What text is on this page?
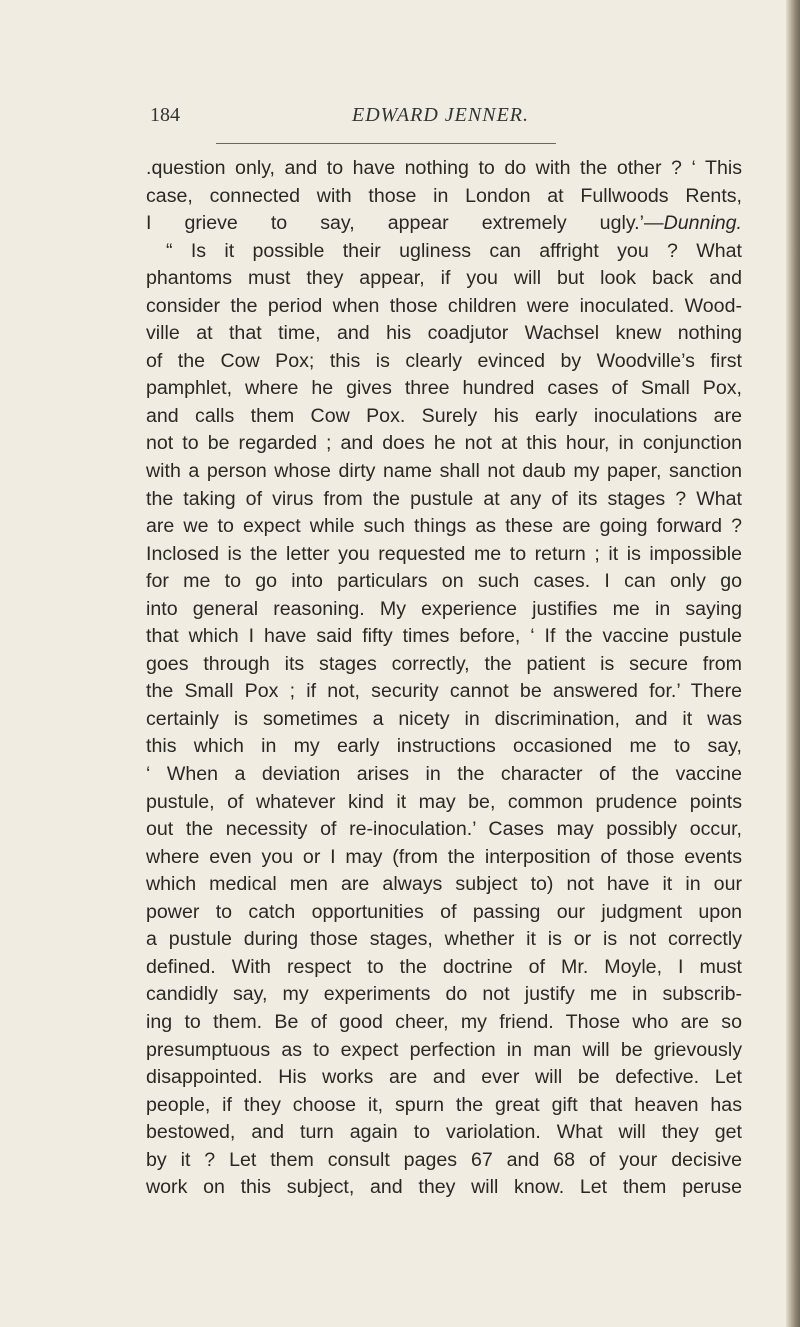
184	EDWARD JENNER.
.question only, and to have nothing to do with the other ? ‘ This
case, connected with those in London at Fullwoods Rents,
I grieve to say, appear extremely ugly.’—Dunning.
“ Is it possible their ugliness can affright you ? What
phantoms must they appear, if you will but look back and
consider the period when those children were inoculated. Wood-
ville at that time, and his coadjutor Wachsel knew nothing
of the Cow Pox; this is clearly evinced by Woodville’s first
pamphlet, where he gives three hundred cases of Small Pox,
and calls them Cow Pox. Surely his early inoculations are
not to be regarded ; and does he not at this hour, in conjunction
with a person whose dirty name shall not daub my paper, sanction
the taking of virus from the pustule at any of its stages ? What
are we to expect while such things as these are going forward ?
Inclosed is the letter you requested me to return ; it is impossible
for me to go into particulars on such cases. I can only go
into general reasoning. My experience justifies me in saying
that which I have said fifty times before, ‘ If the vaccine pustule
goes through its stages correctly, the patient is secure from
the Small Pox ; if not, security cannot be answered for.’ There
certainly is sometimes a nicety in discrimination, and it was
this which in my early instructions occasioned me to say,
‘ When a deviation arises in the character of the vaccine
pustule, of whatever kind it may be, common prudence points
out the necessity of re-inoculation.’ Cases may possibly occur,
where even you or I may (from the interposition of those events
which medical men are always subject to) not have it in our
power to catch opportunities of passing our judgment upon
a pustule during those stages, whether it is or is not correctly
defined. With respect to the doctrine of Mr. Moyle, I must
candidly say, my experiments do not justify me in subscrib-
ing to them. Be of good cheer, my friend. Those who are so
presumptuous as to expect perfection in man will be grievously
disappointed. His works are and ever will be defective. Let
people, if they choose it, spurn the great gift that heaven has
bestowed, and turn again to variolation. What will they get
by it ? Let them consult pages 67 and 68 of your decisive
work on this subject, and they will know. Let them peruse
